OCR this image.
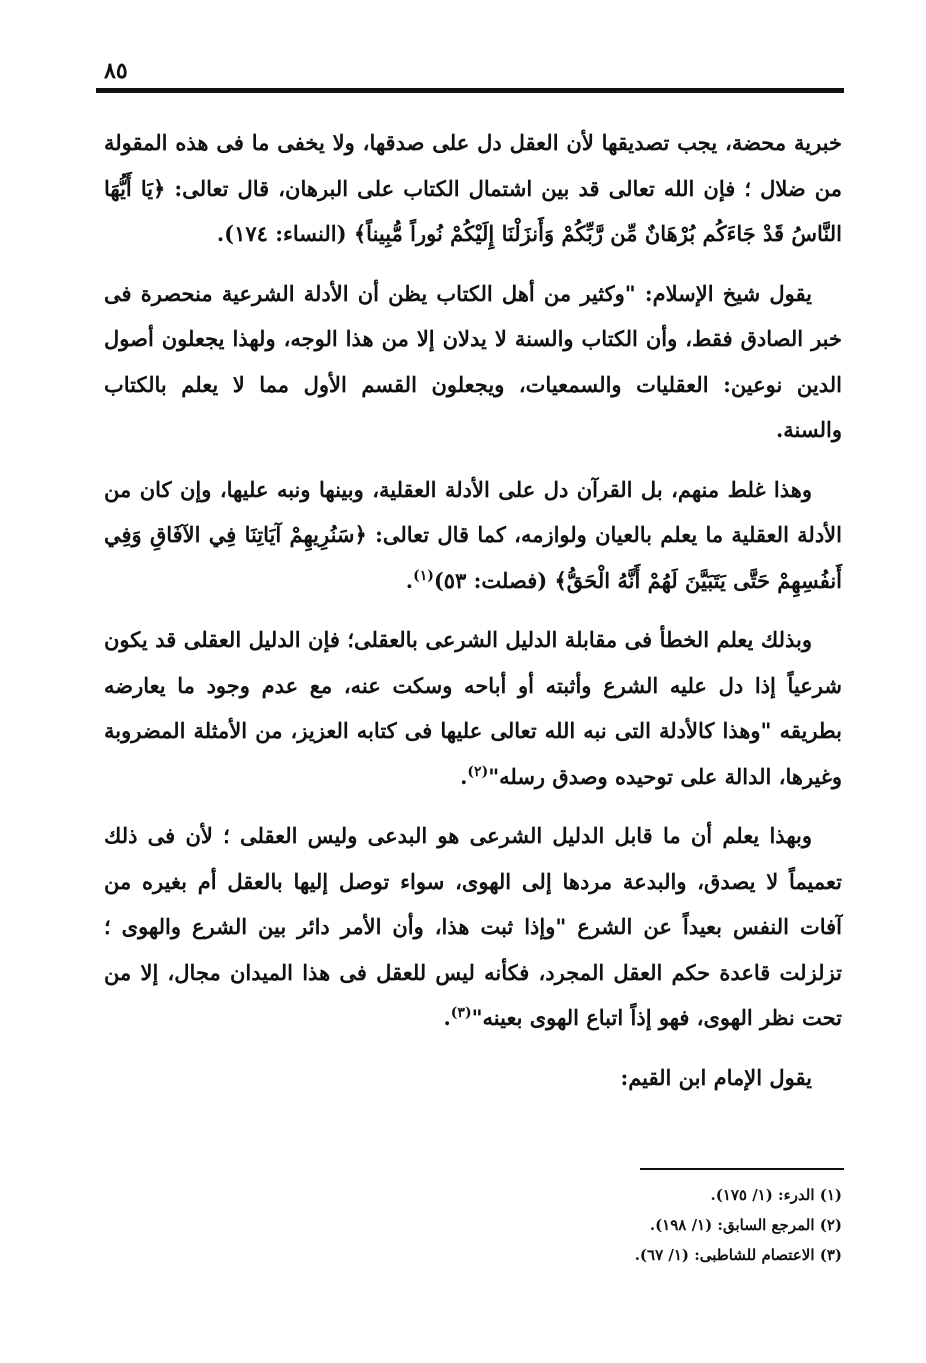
٨٥

خبرية محضة، يجب تصديقها لأن العقل دل على صدقها، ولا يخفى ما فى هذه المقولة من ضلال ؛ فإن الله تعالى قد بين اشتمال الكتاب على البرهان، قال تعالى: ﴿يَا أَيُّهَا النَّاسُ قَدْ جَاءَكُم بُرْهَانٌ مِّن رَّبِّكُمْ وَأَنزَلْنَا إِلَيْكُمْ نُوراً مُّبِيناً﴾ (النساء: ١٧٤).

يقول شيخ الإسلام: "وكثير من أهل الكتاب يظن أن الأدلة الشرعية منحصرة فى خبر الصادق فقط، وأن الكتاب والسنة لا يدلان إلا من هذا الوجه، ولهذا يجعلون أصول الدين نوعين: العقليات والسمعيات، ويجعلون القسم الأول مما لا يعلم بالكتاب والسنة.

وهذا غلط منهم، بل القرآن دل على الأدلة العقلية، وبينها ونبه عليها، وإن كان من الأدلة العقلية ما يعلم بالعيان ولوازمه، كما قال تعالى: ﴿سَنُرِيهِمْ آيَاتِنَا فِي الآفَاقِ وَفِي أَنفُسِهِمْ حَتَّى يَتَبَيَّنَ لَهُمْ أَنَّهُ الْحَقُّ﴾ (فصلت: ٥٣)$^{(١)}$.

وبذلك يعلم الخطأ فى مقابلة الدليل الشرعى بالعقلى؛ فإن الدليل العقلى قد يكون شرعياً إذا دل عليه الشرع وأثبته أو أباحه وسكت عنه، مع عدم وجود ما يعارضه بطريقه "وهذا كالأدلة التى نبه الله تعالى عليها فى كتابه العزيز، من الأمثلة المضروبة وغيرها، الدالة على توحيده وصدق رسله"$^{(٢)}$.

وبهذا يعلم أن ما قابل الدليل الشرعى هو البدعى وليس العقلى ؛ لأن فى ذلك تعميماً لا يصدق، والبدعة مردها إلى الهوى، سواء توصل إليها بالعقل أم بغيره من آفات النفس بعيداً عن الشرع "وإذا ثبت هذا، وأن الأمر دائر بين الشرع والهوى ؛ تزلزلت قاعدة حكم العقل المجرد، فكأنه ليس للعقل فى هذا الميدان مجال، إلا من تحت نظر الهوى، فهو إذاً اتباع الهوى بعينه"$^{(٣)}$.

يقول الإمام ابن القيم:

(١) الدرء: (١/ ١٧٥).

(٢) المرجع السابق: (١/ ١٩٨).

(٣) الاعتصام للشاطبى: (١/ ٦٧).
